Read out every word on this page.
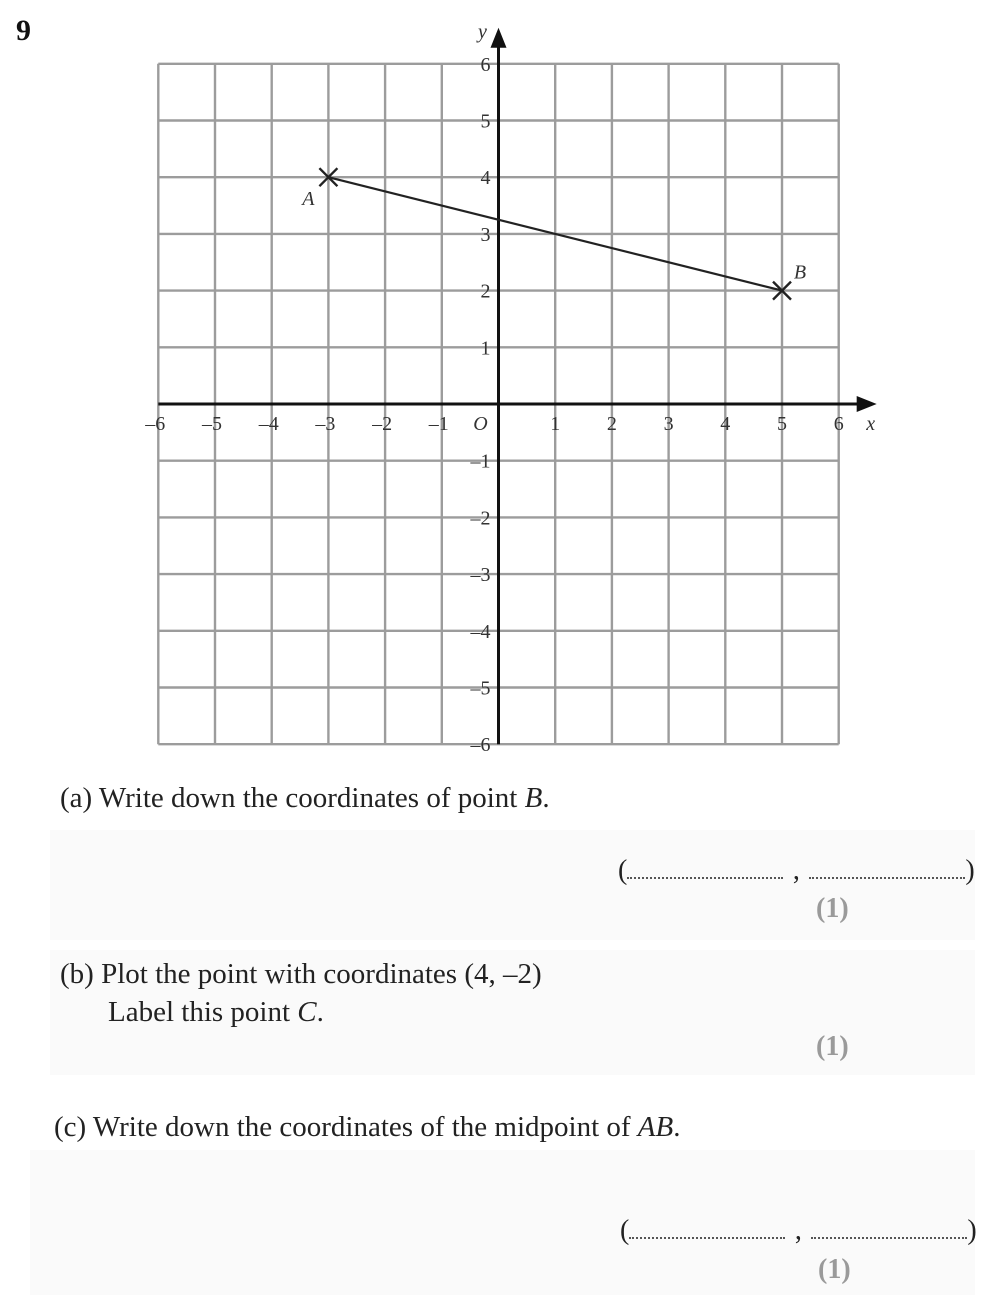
9
x
y
O
–6 –5 –4 –3 –2 –1	1 2 3 4 5 6
6
5
4
3
2
1
–1
–2
–3
–4
–5
–6
A
B
(a) Write down the coordinates of point B.
(	,	)
(1)
(b) Plot the point with coordinates (4, –2)
Label this point C.
(1)
(c) Write down the coordinates of the midpoint of AB.
(	,	)
(1)
